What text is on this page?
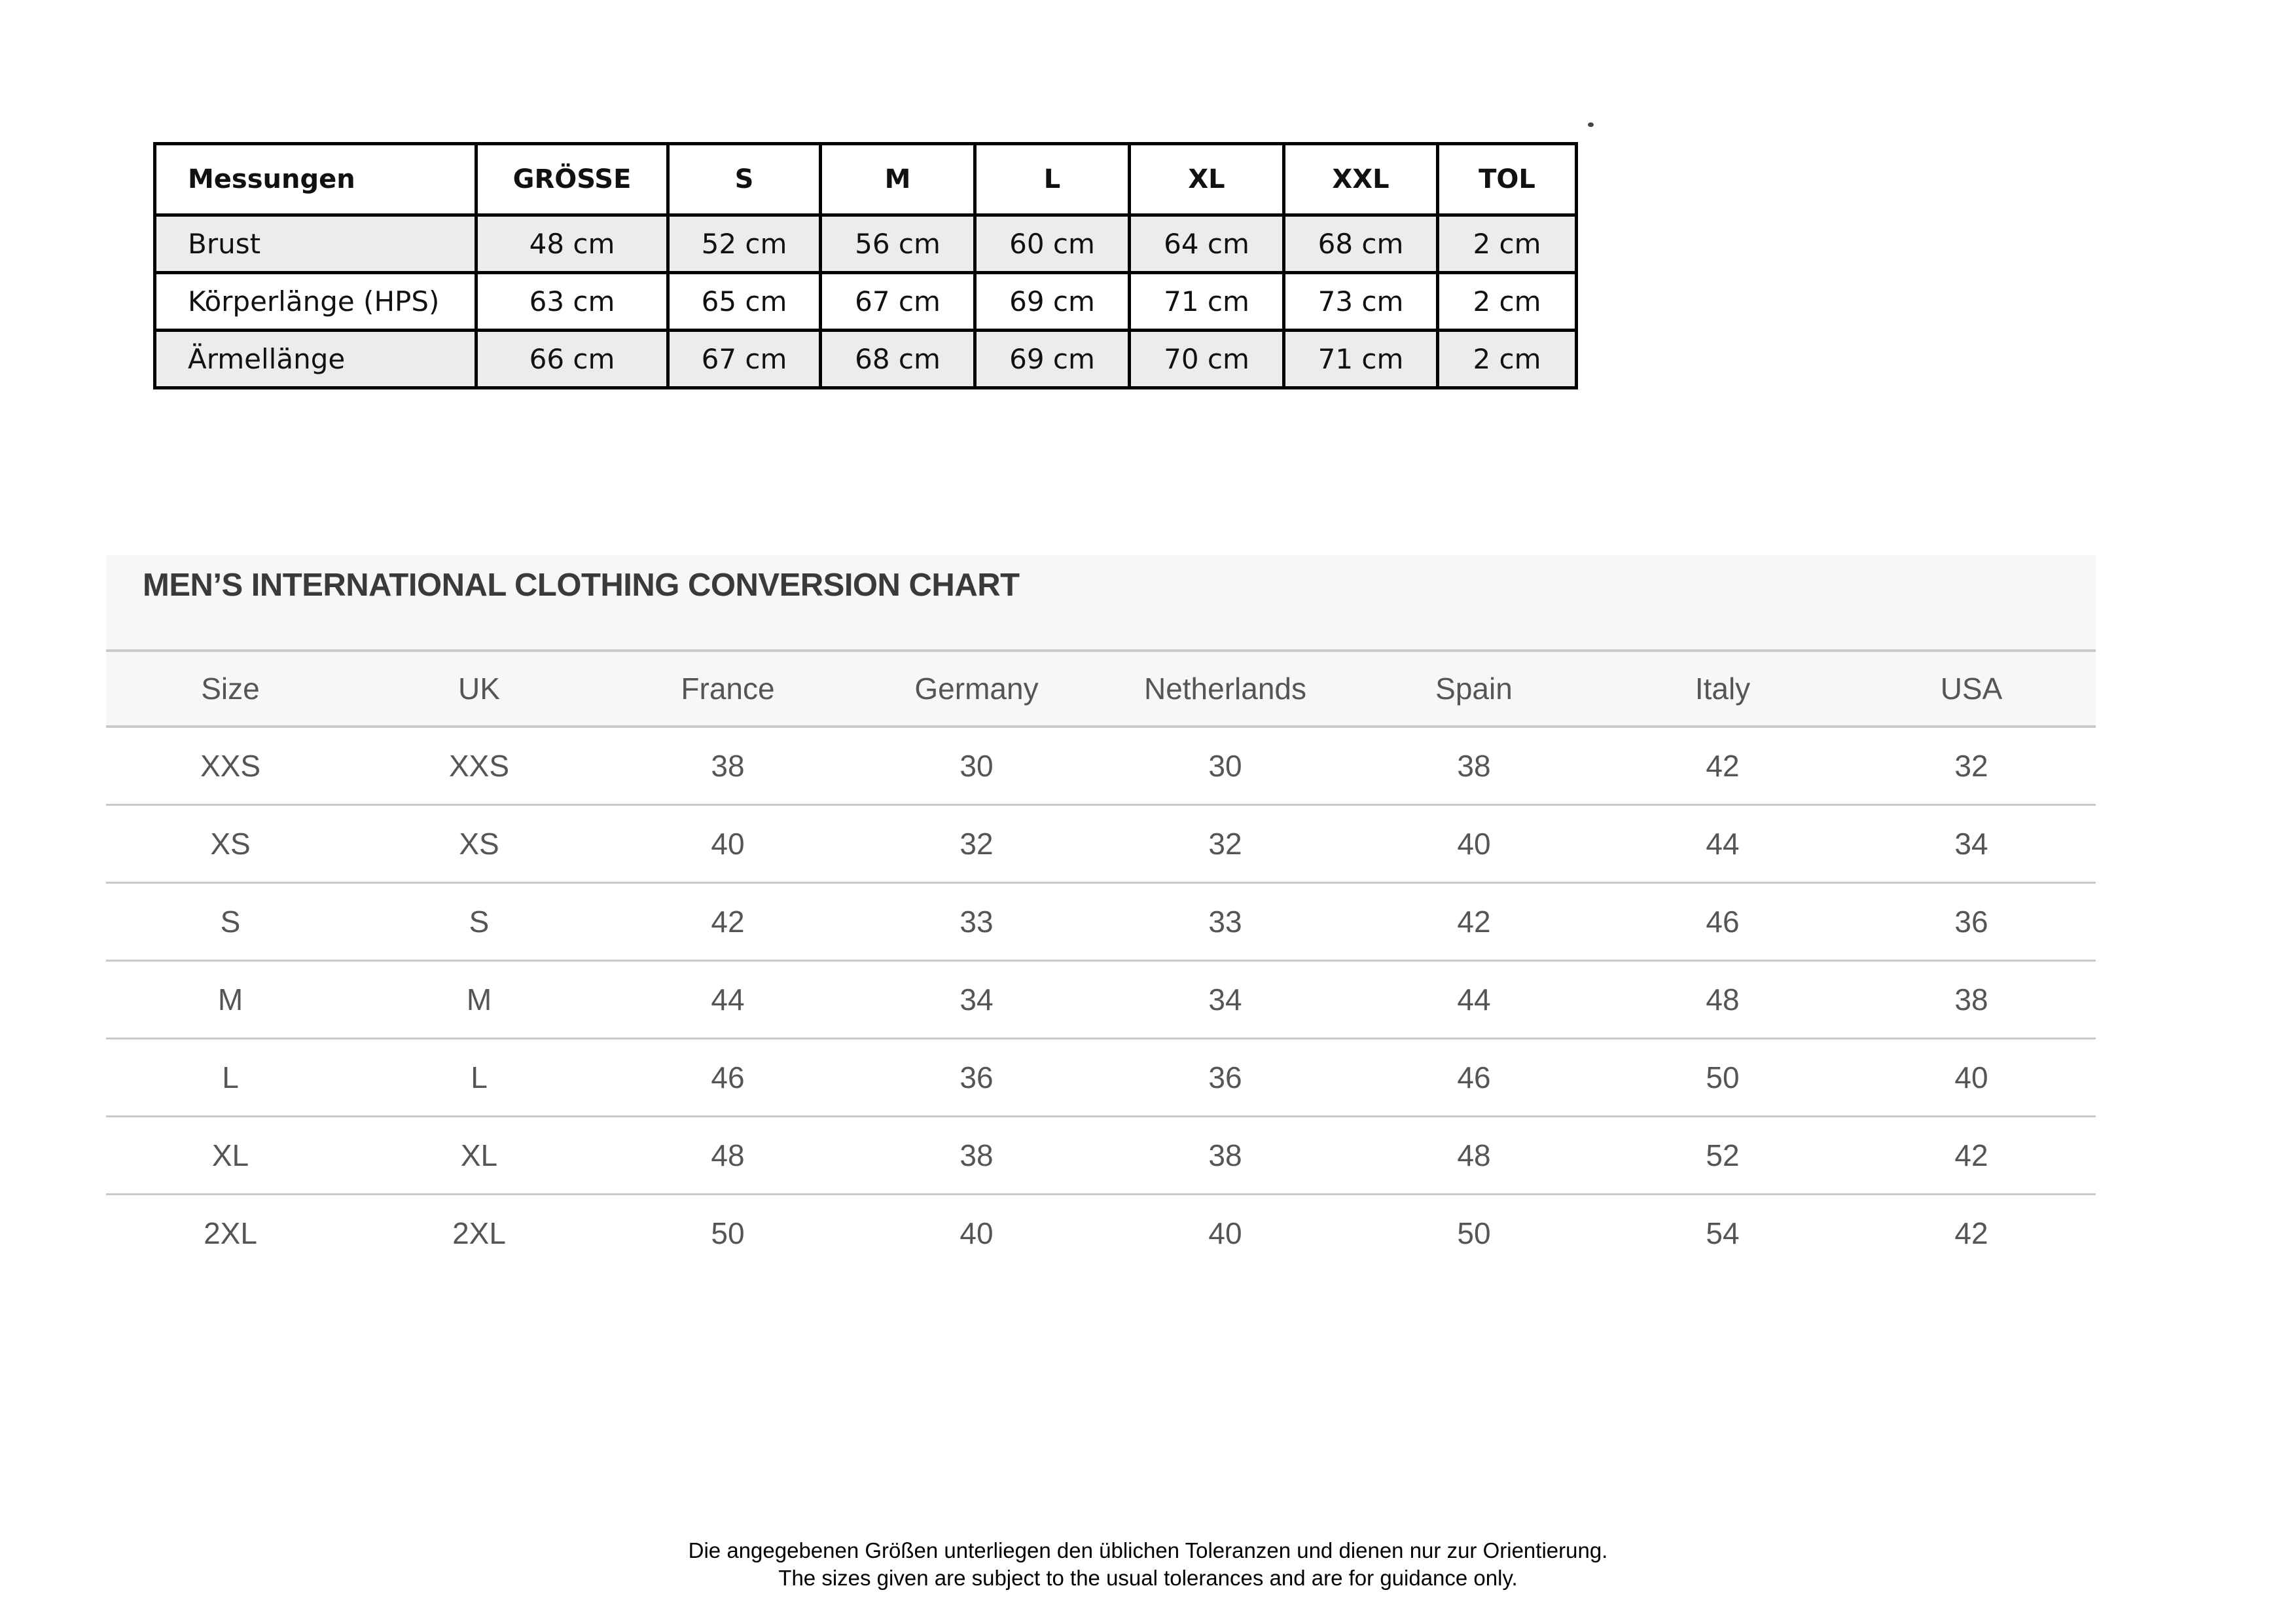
Messungen	GRÖSSE	S	M	L	XL	XXL	TOL
Brust	48 cm	52 cm	56 cm	60 cm	64 cm	68 cm	2 cm
Körperlänge (HPS)	63 cm	65 cm	67 cm	69 cm	71 cm	73 cm	2 cm
Ärmellänge	66 cm	67 cm	68 cm	69 cm	70 cm	71 cm	2 cm
MEN’S INTERNATIONAL CLOTHING CONVERSION CHART
Size	UK	France	Germany	Netherlands	Spain	Italy	USA
XXS	XXS	38	30	30	38	42	32
XS	XS	40	32	32	40	44	34
S	S	42	33	33	42	46	36
M	M	44	34	34	44	48	38
L	L	46	36	36	46	50	40
XL	XL	48	38	38	48	52	42
2XL	2XL	50	40	40	50	54	42

Die angegebenen Größen unterliegen den üblichen Toleranzen und dienen nur zur Orientierung.

The sizes given are subject to the usual tolerances and are for guidance only.
